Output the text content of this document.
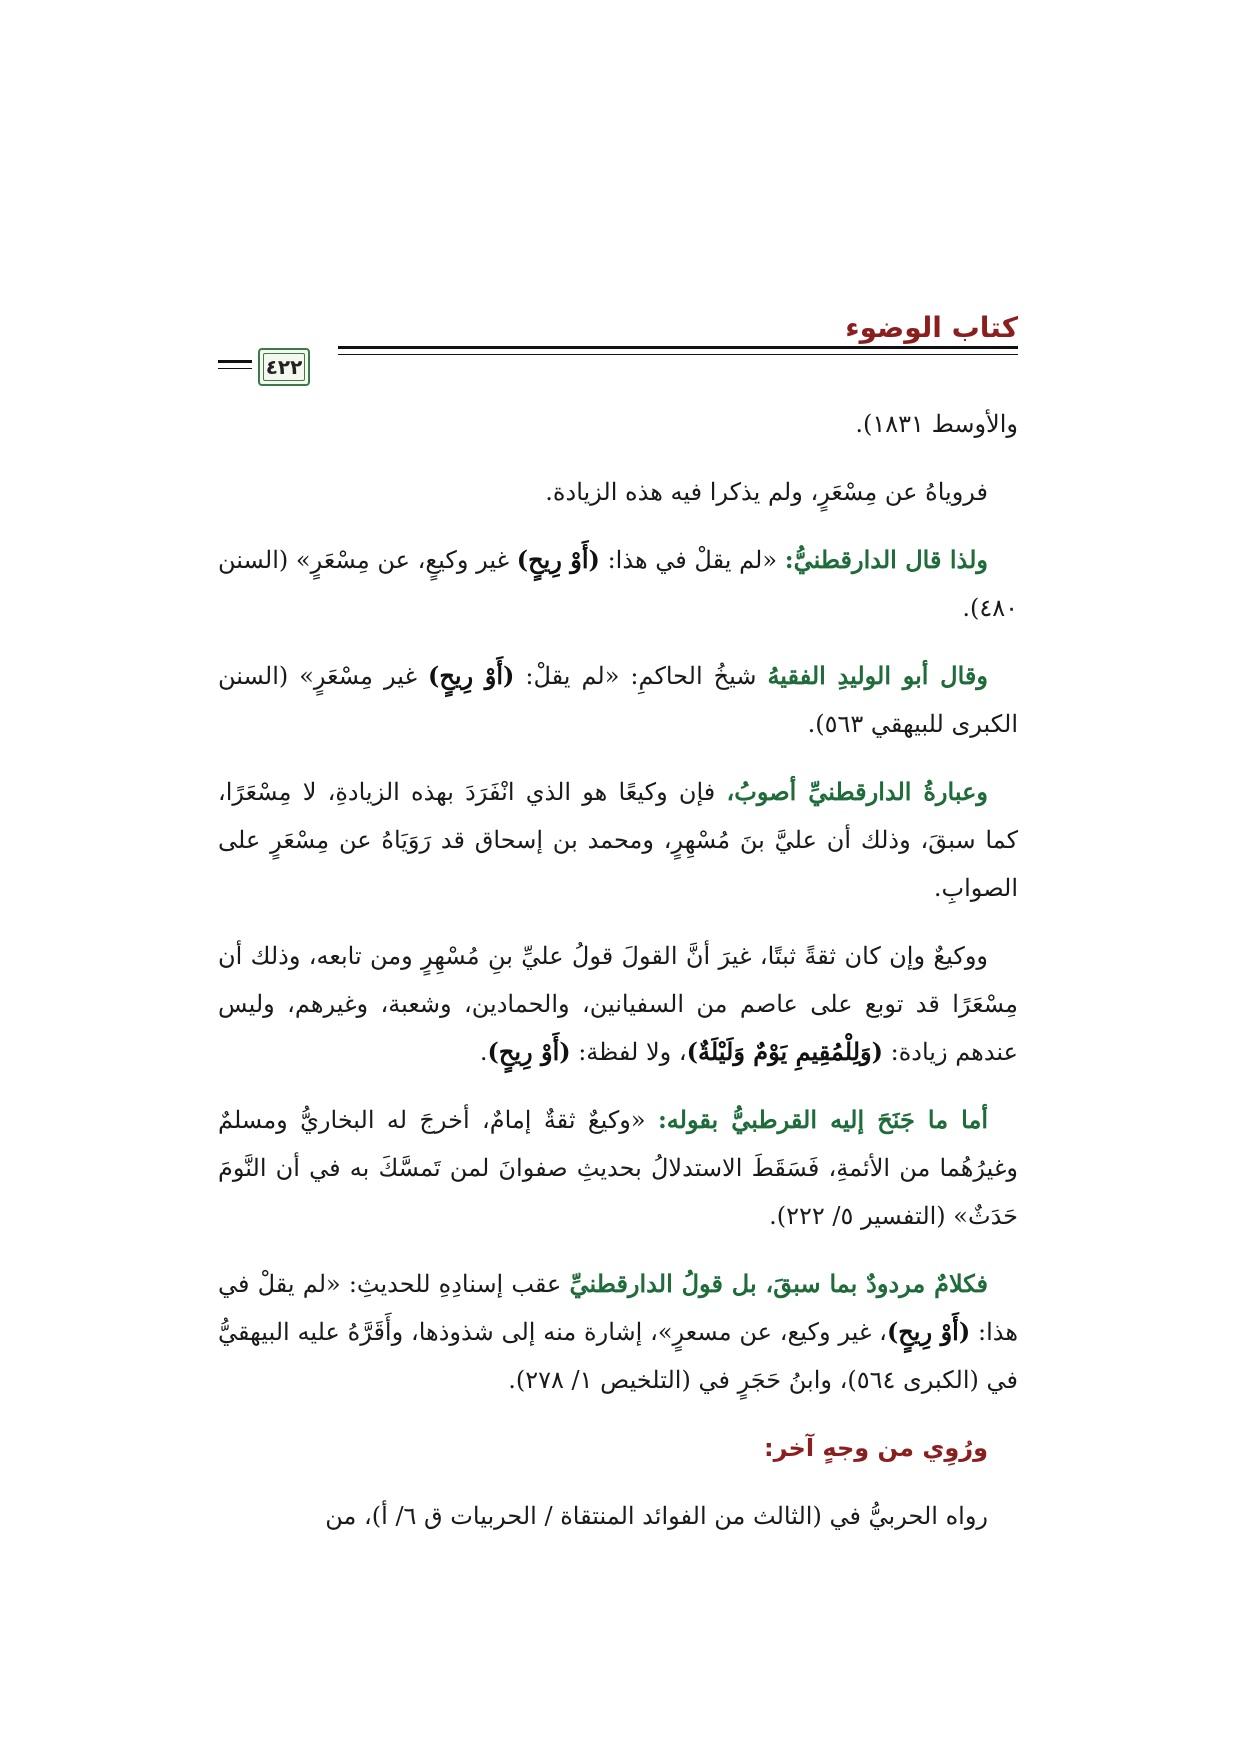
كتاب الوضوء
٤٢٢

والأوسط ١٨٣١).

فروياهُ عن مِسْعَرٍ، ولم يذكرا فيه هذه الزيادة.

ولذا قال الدارقطنيُّ: «لم يقلْ في هذا: (أَوْ رِيحٍ) غير وكيعٍ، عن مِسْعَرٍ» (السنن ٤٨٠).

وقال أبو الوليدِ الفقيهُ شيخُ الحاكمِ: «لم يقلْ: (أَوْ رِيحٍ) غير مِسْعَرٍ» (السنن الكبرى للبيهقي ٥٦٣).

وعبارةُ الدارقطنيِّ أصوبُ، فإن وكيعًا هو الذي انْفَرَدَ بهذه الزيادةِ، لا مِسْعَرًا، كما سبقَ، وذلك أن عليَّ بنَ مُسْهِرٍ، ومحمد بن إسحاق قد رَوَيَاهُ عن مِسْعَرٍ على الصوابِ.

ووكيعٌ وإن كان ثقةً ثبتًا، غيرَ أنَّ القولَ قولُ عليِّ بنِ مُسْهِرٍ ومن تابعه، وذلك أن مِسْعَرًا قد توبع على عاصم من السفيانين، والحمادين، وشعبة، وغيرهم، وليس عندهم زيادة: (وَلِلْمُقِيمِ يَوْمٌ وَلَيْلَةٌ)، ولا لفظة: (أَوْ رِيحٍ).

أما ما جَنَحَ إليه القرطبيُّ بقوله: «وكيعٌ ثقةٌ إمامٌ، أخرجَ له البخاريُّ ومسلمٌ وغيرُهُما من الأئمةِ، فَسَقَطَ الاستدلالُ بحديثِ صفوانَ لمن تَمسَّكَ به في أن النَّومَ حَدَثٌ» (التفسير ٥/ ٢٢٢).

فكلامٌ مردودٌ بما سبقَ، بل قولُ الدارقطنيِّ عقب إسنادِهِ للحديثِ: «لم يقلْ في هذا: (أَوْ رِيحٍ)، غير وكيع، عن مسعرٍ»، إشارة منه إلى شذوذها، وأَقَرَّهُ عليه البيهقيُّ في (الكبرى ٥٦٤)، وابنُ حَجَرٍ في (التلخيص ١/ ٢٧٨).

ورُوِي من وجهٍ آخر:

رواه الحربيُّ في (الثالث من الفوائد المنتقاة / الحربيات ق ٦/ أ)، من
